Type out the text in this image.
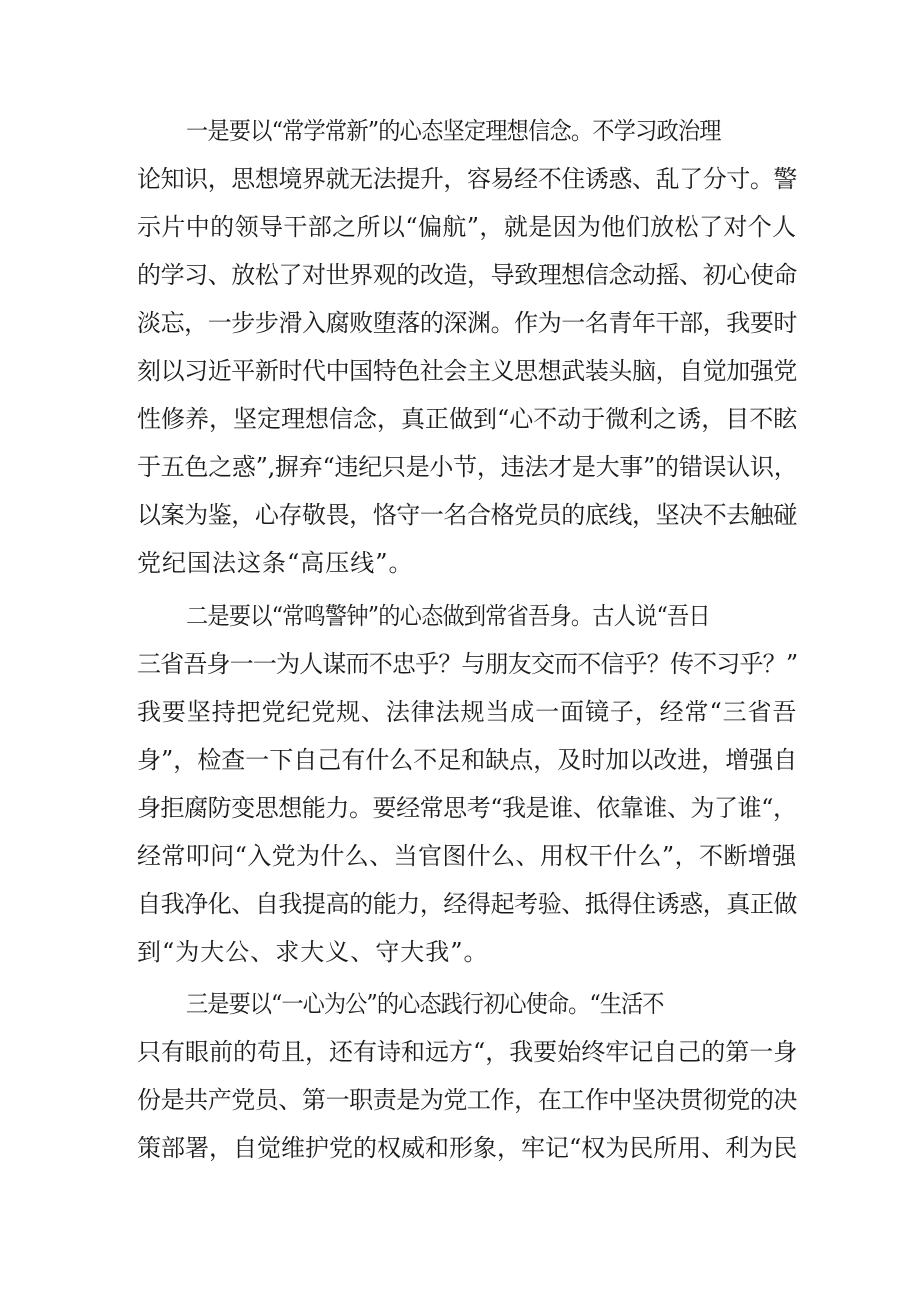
一是要以“常学常新”的心态坚定理想信念。不学习政治理
论知识，思想境界就无法提升，容易经不住诱惑、乱了分寸。警
示片中的领导干部之所以“偏航”，就是因为他们放松了对个人
的学习、放松了对世界观的改造，导致理想信念动摇、初心使命
淡忘，一步步滑入腐败堕落的深渊。作为一名青年干部，我要时
刻以习近平新时代中国特色社会主义思想武装头脑，自觉加强党
性修养，坚定理想信念，真正做到“心不动于微利之诱，目不眩
于五色之惑”,摒弃“违纪只是小节，违法才是大事”的错误认识，
以案为鉴，心存敬畏，恪守一名合格党员的底线，坚决不去触碰
党纪国法这条“高压线”。
二是要以“常鸣警钟”的心态做到常省吾身。古人说“吾日
三省吾身一一为人谋而不忠乎？与朋友交而不信乎？传不习乎？”
我要坚持把党纪党规、法律法规当成一面镜子，经常“三省吾
身”，检查一下自己有什么不足和缺点，及时加以改进，增强自
身拒腐防变思想能力。要经常思考“我是谁、依靠谁、为了谁“，
经常叩问“入党为什么、当官图什么、用权干什么”，不断增强
自我净化、自我提高的能力，经得起考验、抵得住诱惑，真正做
到“为大公、求大义、守大我”。
三是要以“一心为公”的心态践行初心使命。“生活不
只有眼前的苟且，还有诗和远方“，我要始终牢记自己的第一身
份是共产党员、第一职责是为党工作，在工作中坚决贯彻党的决
策部署，自觉维护党的权威和形象，牢记“权为民所用、利为民
